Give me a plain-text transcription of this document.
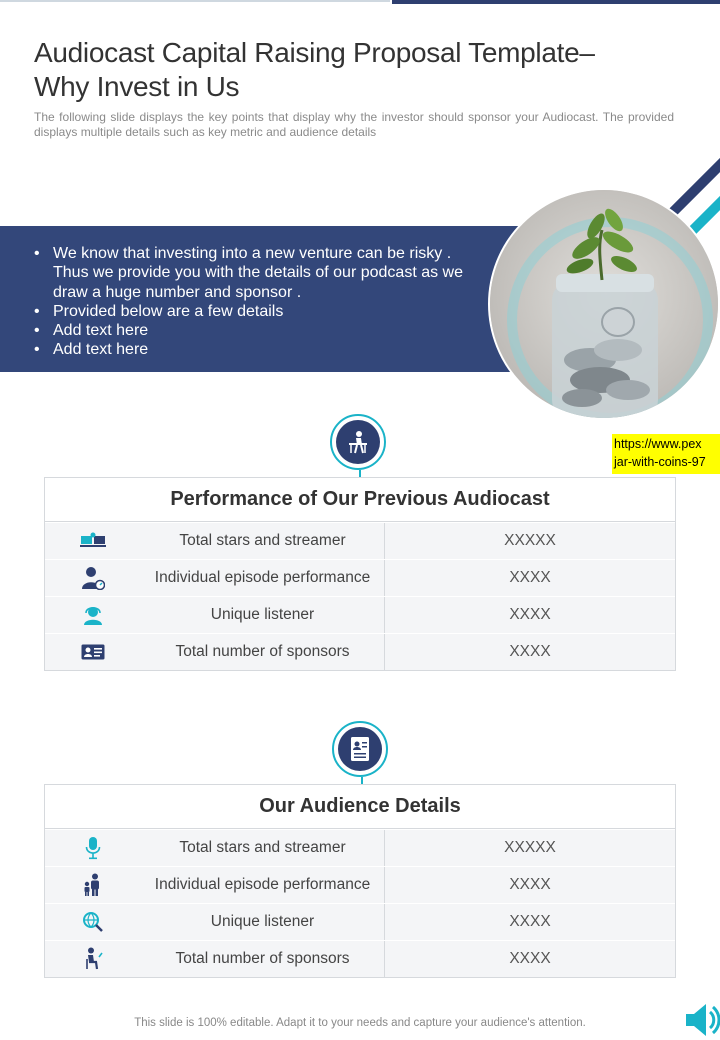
Audiocast Capital Raising Proposal Template–
Why Invest in Us

The following slide displays the key points that display why the investor should sponsor your Audiocast. The provided displays multiple details such as key metric and audience details

• We know that investing into a new venture can be risky . Thus we provide you with the details of our podcast as we draw a huge number and sponsor .
• Provided below are a few details
• Add text here
• Add text here
https://www.pex
jar-with-coins-97
Performance of Our Previous Audiocast
Total stars and streamer	XXXXX
Individual episode performance	XXXX
Unique listener	XXXX
Total number of sponsors	XXXX
Our Audience Details
Total stars and streamer	XXXXX
Individual episode performance	XXXX
Unique listener	XXXX
Total number of sponsors	XXXX
This slide is 100% editable. Adapt it to your needs and capture your audience's attention.
